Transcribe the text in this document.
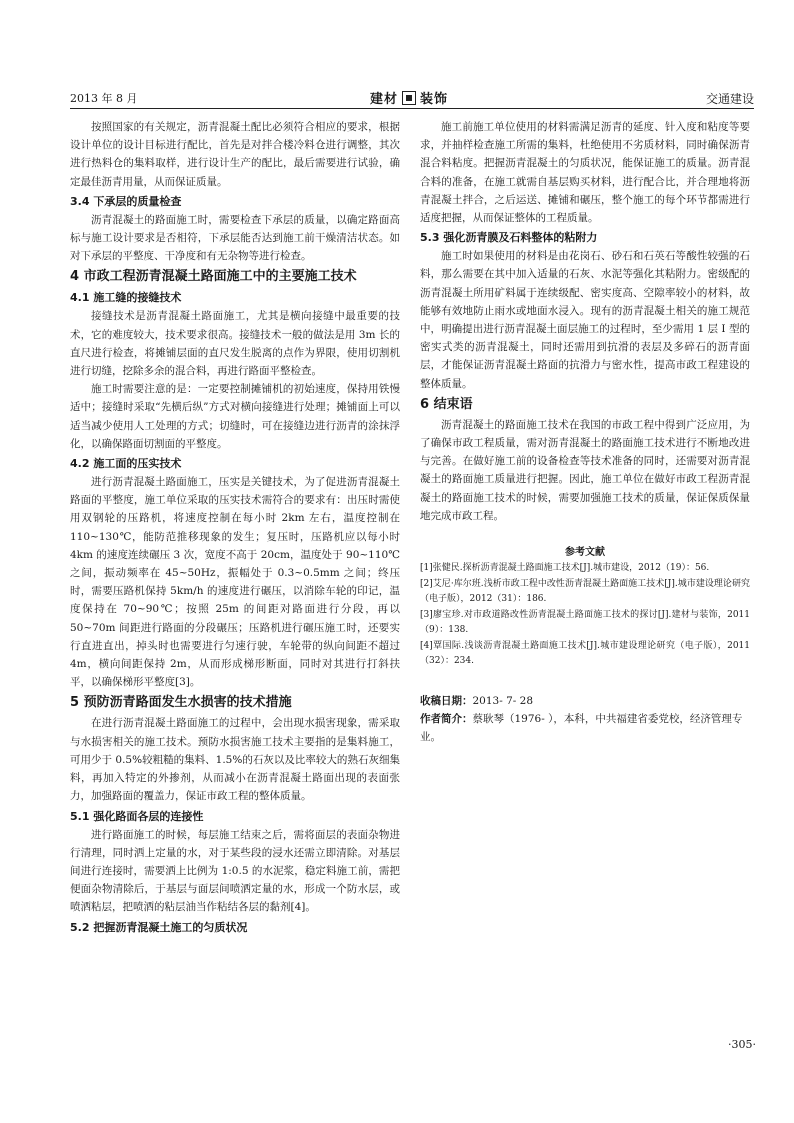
2013 年 8 月	建材 装饰	交通建设

按照国家的有关规定，沥青混凝土配比必须符合相应的要求，根据设计单位的设计目标进行配比，首先是对拌合楼冷料仓进行调整，其次进行热料仓的集料取样，进行设计生产的配比，最后需要进行试验，确定最佳沥青用量，从而保证质量。

3.4 下承层的质量检查

沥青混凝土的路面施工时，需要检查下承层的质量，以确定路面高标与施工设计要求是否相符，下承层能否达到施工前干燥清洁状态。如对下承层的平整度、干净度和有无杂物等进行检查。

4 市政工程沥青混凝土路面施工中的主要施工技术
4.1 施工缝的接缝技术

接缝技术是沥青混凝土路面施工，尤其是横向接缝中最重要的技术，它的难度较大，技术要求很高。接缝技术一般的做法是用 3m 长的直尺进行检查，将摊铺层面的直尺发生脱离的点作为界限，使用切割机进行切缝，挖除多余的混合料，再进行路面平整检查。

施工时需要注意的是：一定要控制摊铺机的初始速度，保持用铁慢适中；接缝时采取“先横后纵”方式对横向接缝进行处理；摊铺面上可以适当减少使用人工处理的方式；切缝时，可在接缝边进行沥青的涂抹浮化，以确保路面切割面的平整度。

4.2 施工面的压实技术

进行沥青混凝土路面施工，压实是关键技术，为了促进沥青混凝土路面的平整度，施工单位采取的压实技术需符合的要求有：出压时需使用双钢轮的压路机，将速度控制在每小时 2km 左右，温度控制在 110~130℃，能防范推移现象的发生；复压时，压路机应以每小时 4km 的速度连续碾压 3 次，宽度不高于 20cm，温度处于 90~110℃之间，振动频率在 45~50Hz，振幅处于 0.3~0.5mm 之间；终压时，需要压路机保持 5km/h 的速度进行碾压，以消除车轮的印记，温度保持在 70~90℃；按照 25m 的间距对路面进行分段，再以 50~70m 间距进行路面的分段碾压；压路机进行碾压施工时，还要实行直进直出，掉头时也需要进行匀速行驶，车轮带的纵向间距不超过 4m，横向间距保持 2m，从而形成梯形断面，同时对其进行打斜扶平，以确保梯形平整度[3]。

5 预防沥青路面发生水损害的技术措施

在进行沥青混凝土路面施工的过程中，会出现水损害现象，需采取与水损害相关的施工技术。预防水损害施工技术主要指的是集料施工，可用少于 0.5%较粗糙的集料、1.5%的石灰以及比率较大的熟石灰细集料，再加入特定的外掺剂，从而减小在沥青混凝土路面出现的表面张力，加强路面的覆盖力，保证市政工程的整体质量。

5.1 强化路面各层的连接性

进行路面施工的时候，每层施工结束之后，需将面层的表面杂物进行清理，同时洒上定量的水，对于某些段的浸水还需立即清除。对基层间进行连接时，需要洒上比例为 1:0.5 的水泥浆，稳定料施工前，需把便面杂物清除后，于基层与面层间喷洒定量的水，形成一个防水层，或喷洒粘层，把喷洒的粘层油当作粘结各层的黏剂[4]。

5.2 把握沥青混凝土施工的匀质状况

施工前施工单位使用的材料需满足沥青的延度、针入度和粘度等要求，并抽样检查施工所需的集料，杜绝使用不劣质材料，同时确保沥青混合料粘度。把握沥青混凝土的匀质状况，能保证施工的质量。沥青混合料的准备，在施工就需自基层购买材料，进行配合比，并合理地将沥青混凝土拌合，之后运送、摊铺和碾压，整个施工的每个环节都需进行适度把握，从而保证整体的工程质量。

5.3 强化沥青膜及石料整体的粘附力

施工时如果使用的材料是由花岗石、砂石和石英石等酸性较强的石料，那么需要在其中加入适量的石灰、水泥等强化其粘附力。密级配的沥青混凝土所用矿料属于连续级配、密实度高、空隙率较小的材料，故能够有效地防止雨水或地面水浸入。现有的沥青混凝土相关的施工规范中，明确提出进行沥青混凝土面层施工的过程时，至少需用 1 层 I 型的密实式类的沥青混凝土，同时还需用到抗滑的表层及多碎石的沥青面层，才能保证沥青混凝土路面的抗滑力与密水性，提高市政工程建设的整体质量。

6 结束语

沥青混凝土的路面施工技术在我国的市政工程中得到广泛应用，为了确保市政工程质量，需对沥青混凝土的路面施工技术进行不断地改进与完善。在做好施工前的设备检查等技术准备的同时，还需要对沥青混凝土的路面施工质量进行把握。因此，施工单位在做好市政工程沥青混凝土的路面施工技术的时候，需要加强施工技术的质量，保证保质保量地完成市政工程。

参考文献
[1]张健民.探析沥青混凝土路面施工技术[J].城市建设，2012（19）：56.
[2]艾尼·库尔班.浅析市政工程中改性沥青混凝土路面施工技术[J].城市建设理论研究（电子版），2012（31）：186.
[3]廖宝珍.对市政道路改性沥青混凝土路面施工技术的探讨[J].建材与装饰，2011（9）：138.
[4]覃国际.浅谈沥青混凝土路面施工技术[J].城市建设理论研究（电子版），2011（32）：234.
收稿日期：2013- 7- 28
作者简介：蔡耿琴（1976- ），本科，中共福建省委党校，经济管理专业。
·305·
